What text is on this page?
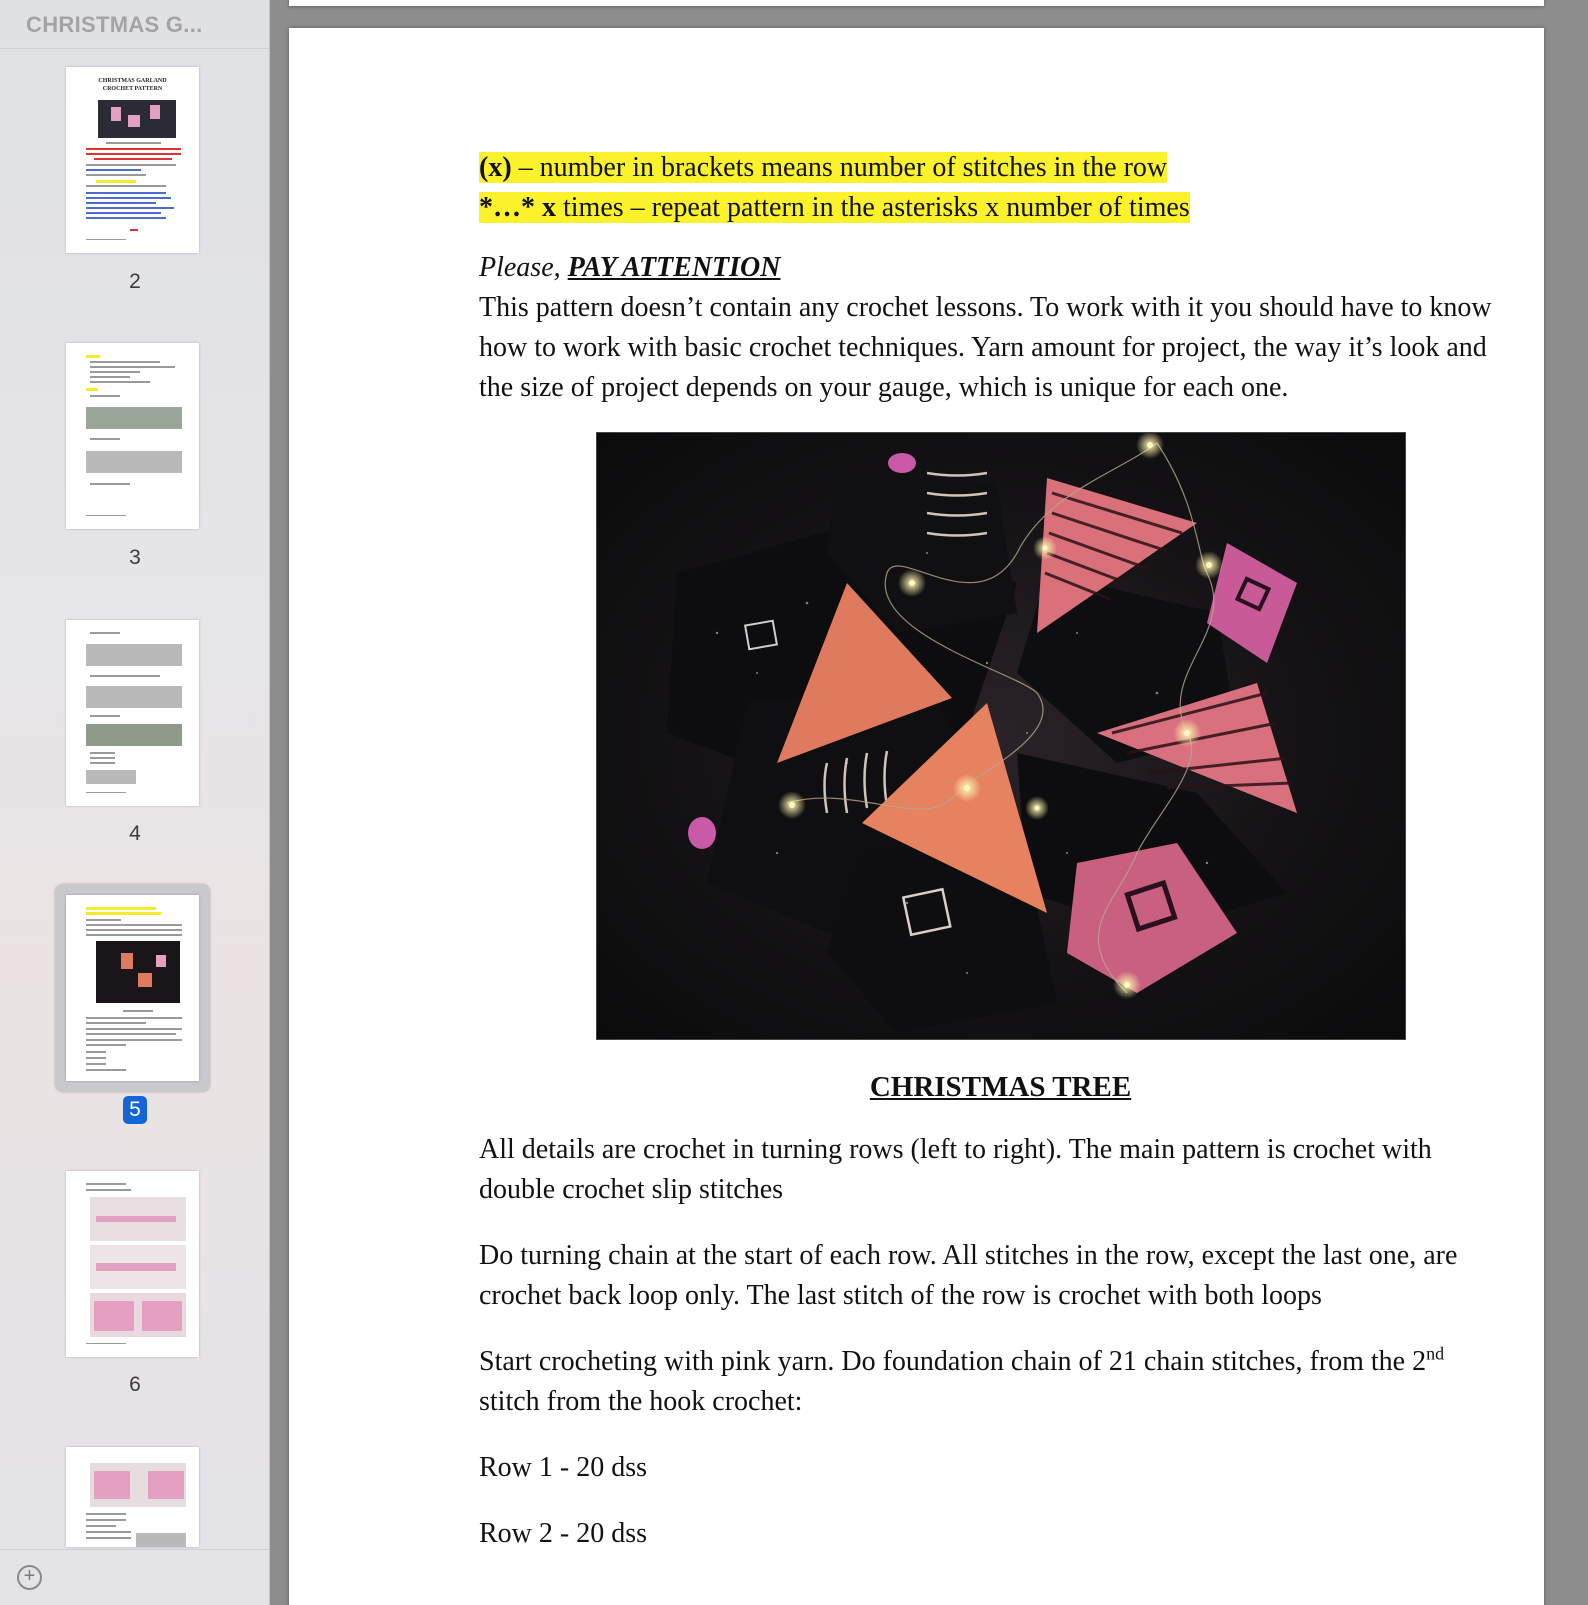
CHRISTMAS G...
CHRISTMAS GARLAND
CROCHET PATTERN
2
3
4
5
6
+
(x) – number in brackets means number of stitches in the row
*…* x times – repeat pattern in the asterisks x number of times
Please, PAY ATTENTION
This pattern doesn’t contain any crochet lessons. To work with it you should have to know how to work with basic crochet techniques. Yarn amount for project, the way it’s look and the size of project depends on your gauge, which is unique for each one.
CHRISTMAS TREE
All details are crochet in turning rows (left to right). The main pattern is crochet with double crochet slip stitches
Do turning chain at the start of each row. All stitches in the row, except the last one, are crochet back loop only. The last stitch of the row is crochet with both loops
Start crocheting with pink yarn. Do foundation chain of 21 chain stitches, from the 2nd stitch from the hook crochet:
Row 1 - 20 dss
Row 2 - 20 dss
